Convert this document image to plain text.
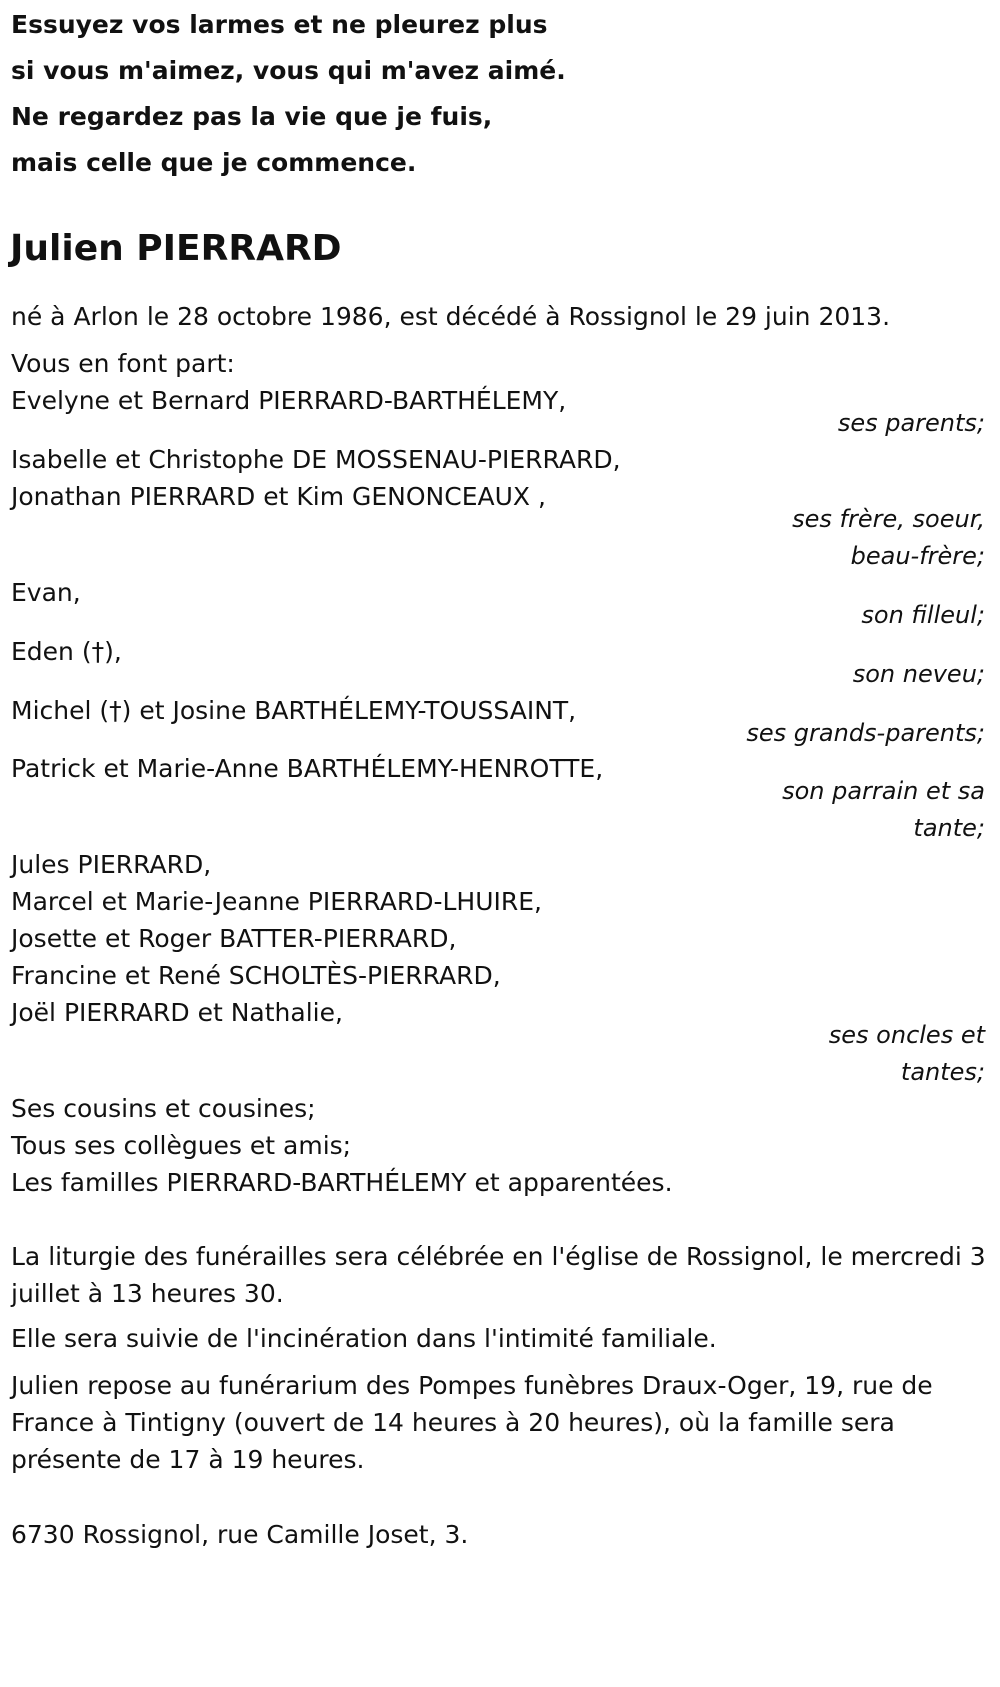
Essuyez vos larmes et ne pleurez plus
si vous m'aimez, vous qui m'avez aimé.
Ne regardez pas la vie que je fuis,
mais celle que je commence.
Julien PIERRARD
né à Arlon le 28 octobre 1986, est décédé à Rossignol le 29 juin 2013.
Vous en font part:
Evelyne et Bernard PIERRARD-BARTHÉLEMY,
ses parents;
Isabelle et Christophe DE MOSSENAU-PIERRARD,
Jonathan PIERRARD et Kim GENONCEAUX ,
ses frère, soeur,
beau-frère;
Evan,
son filleul;
Eden (†),
son neveu;
Michel (†) et Josine BARTHÉLEMY-TOUSSAINT,
ses grands-parents;
Patrick et Marie-Anne BARTHÉLEMY-HENROTTE,
son parrain et sa
tante;
Jules PIERRARD,
Marcel et Marie-Jeanne PIERRARD-LHUIRE,
Josette et Roger BATTER-PIERRARD,
Francine et René SCHOLTÈS-PIERRARD,
Joël PIERRARD et Nathalie,
ses oncles et
tantes;
Ses cousins et cousines;
Tous ses collègues et amis;
Les familles PIERRARD-BARTHÉLEMY et apparentées.
La liturgie des funérailles sera célébrée en l'église de Rossignol, le mercredi 3 juillet à 13 heures 30.
Elle sera suivie de l'incinération dans l'intimité familiale.
Julien repose au funérarium des Pompes funèbres Draux-Oger, 19, rue de France à Tintigny (ouvert de 14 heures à 20 heures), où la famille sera présente de 17 à 19 heures.
6730 Rossignol, rue Camille Joset, 3.
